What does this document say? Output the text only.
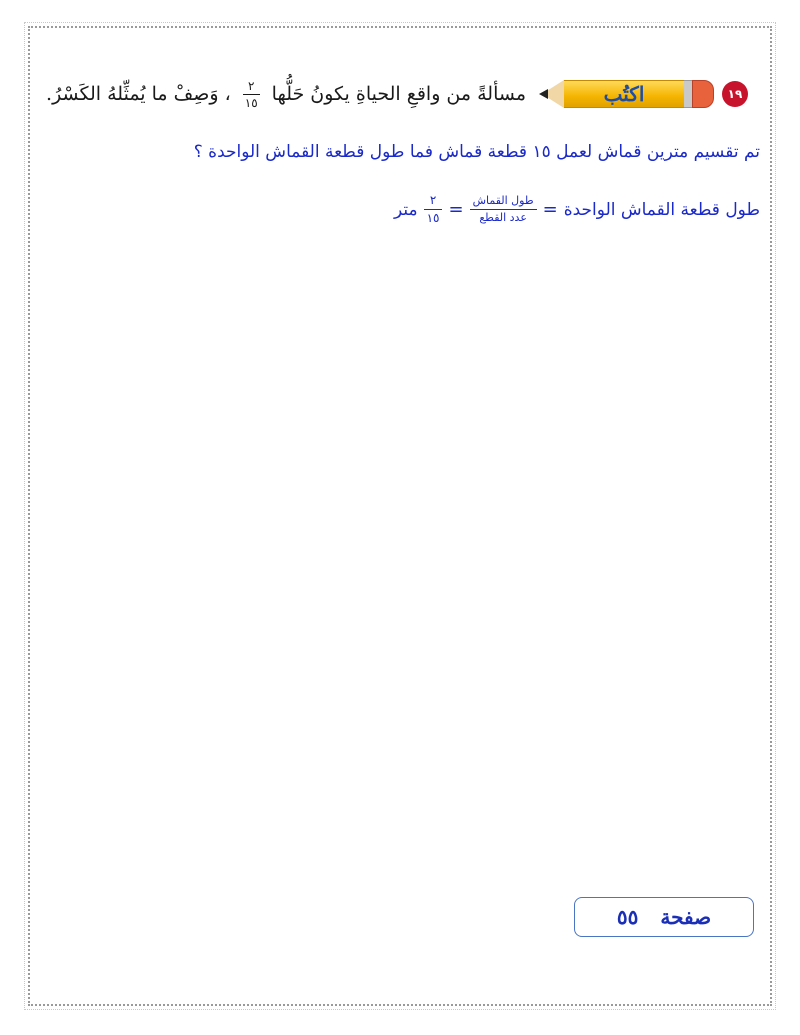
١٩
اكتُب
مسألةً من واقعِ الحياةِ يكونُ حَلُّها
$\frac{٢}{١٥}$
، وَصِفْ ما يُمثِّلهُ الكَسْرُ.
تم تقسيم مترين قماش لعمل ١٥ قطعة قماش فما طول قطعة القماش الواحدة ؟
طول قطعة القماش الواحدة
=
$\frac{\text{طول القماش}}{\text{عدد القطع}}$
=
$\frac{٢}{١٥}$
متر
صفحة
٥٥
